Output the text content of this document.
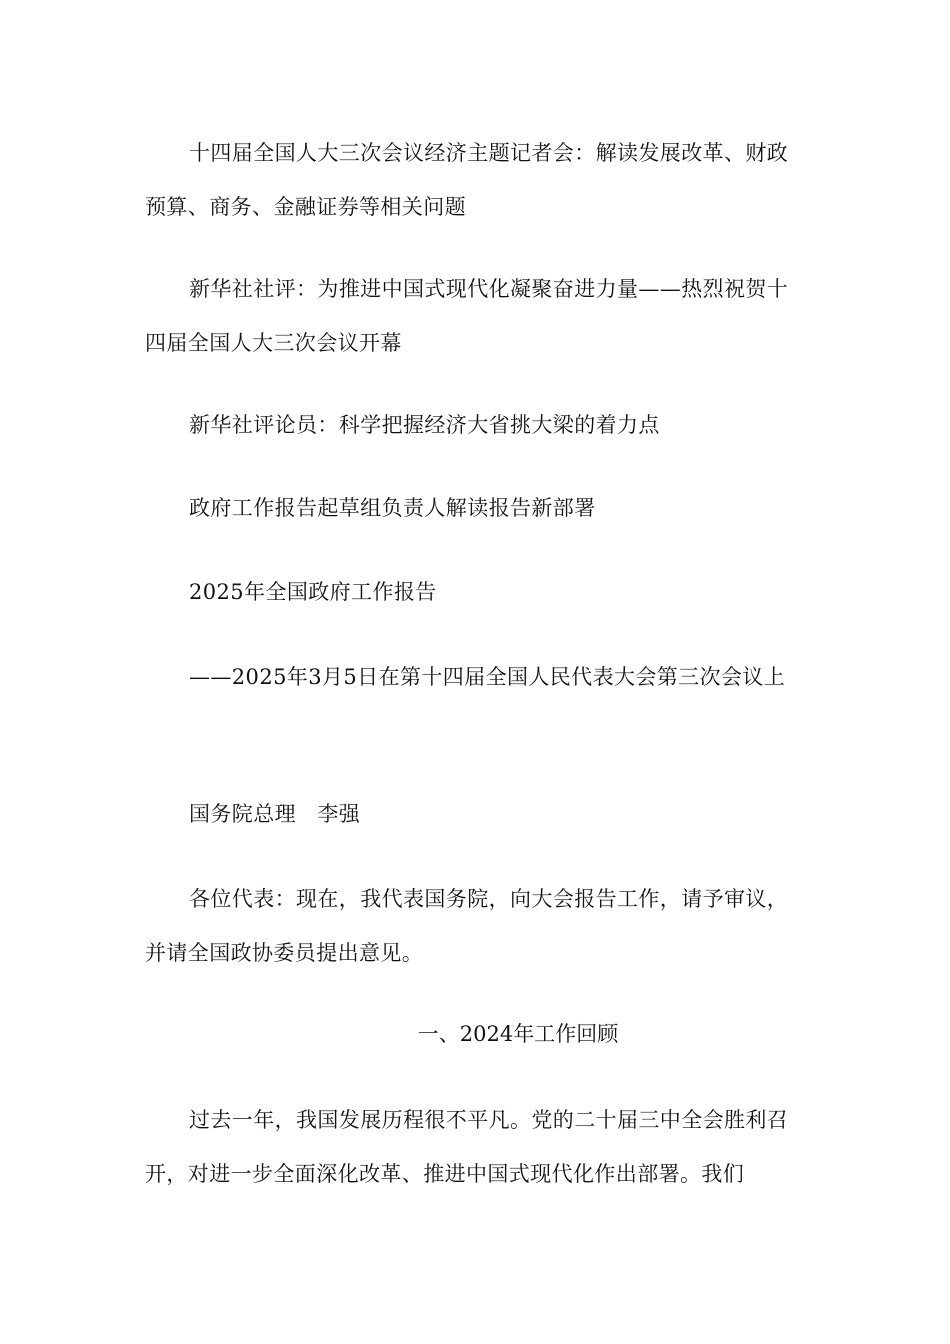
十四届全国人大三次会议经济主题记者会：解读发展改革、财政预算、商务、金融证券等相关问题

新华社社评：为推进中国式现代化凝聚奋进力量——热烈祝贺十四届全国人大三次会议开幕

新华社评论员：科学把握经济大省挑大梁的着力点

政府工作报告起草组负责人解读报告新部署

2025年全国政府工作报告

——2025年3月5日在第十四届全国人民代表大会第三次会议上

国务院总理　李强

各位代表：现在，我代表国务院，向大会报告工作，请予审议，并请全国政协委员提出意见。

一、2024年工作回顾

过去一年，我国发展历程很不平凡。党的二十届三中全会胜利召开，对进一步全面深化改革、推进中国式现代化作出部署。我们
